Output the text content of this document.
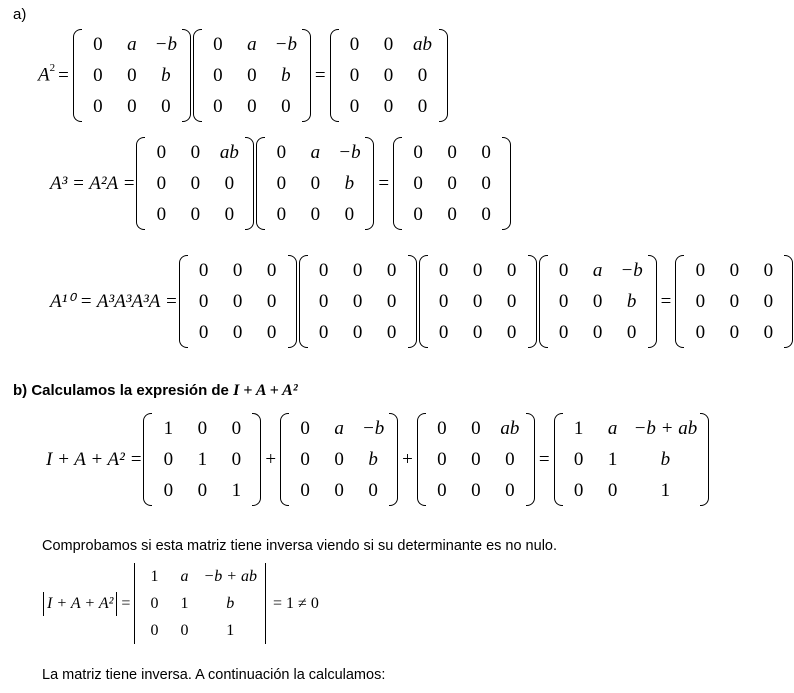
a)
$A^2$ =
0	a	−b
0	0	b
0	0	0
0	a	−b
0	0	b
0	0	0
=
0	0	ab
0	0	0
0	0	0
A³ = A²A =
0	0	ab
0	0	0
0	0	0
0	a	−b
0	0	b
0	0	0
=
0	0	0
0	0	0
0	0	0
A¹⁰ = A³A³A³A =
0	0	0
0	0	0
0	0	0
0	0	0
0	0	0
0	0	0
0	0	0
0	0	0
0	0	0
0	a	−b
0	0	b
0	0	0
=
0	0	0
0	0	0
0	0	0
b) Calculamos la expresión de I + A + A²
I + A + A² =
1	0	0
0	1	0
0	0	1
+
0	a	−b
0	0	b
0	0	0
+
0	0	ab
0	0	0
0	0	0
=
1	a	−b + ab
0	1	b
0	0	1
Comprobamos si esta matriz tiene inversa viendo si su determinante es no nulo.
I + A + A² =
1	a	−b + ab
0	1	b
0	0	1
= 1 ≠ 0
La matriz tiene inversa. A continuación la calculamos:
